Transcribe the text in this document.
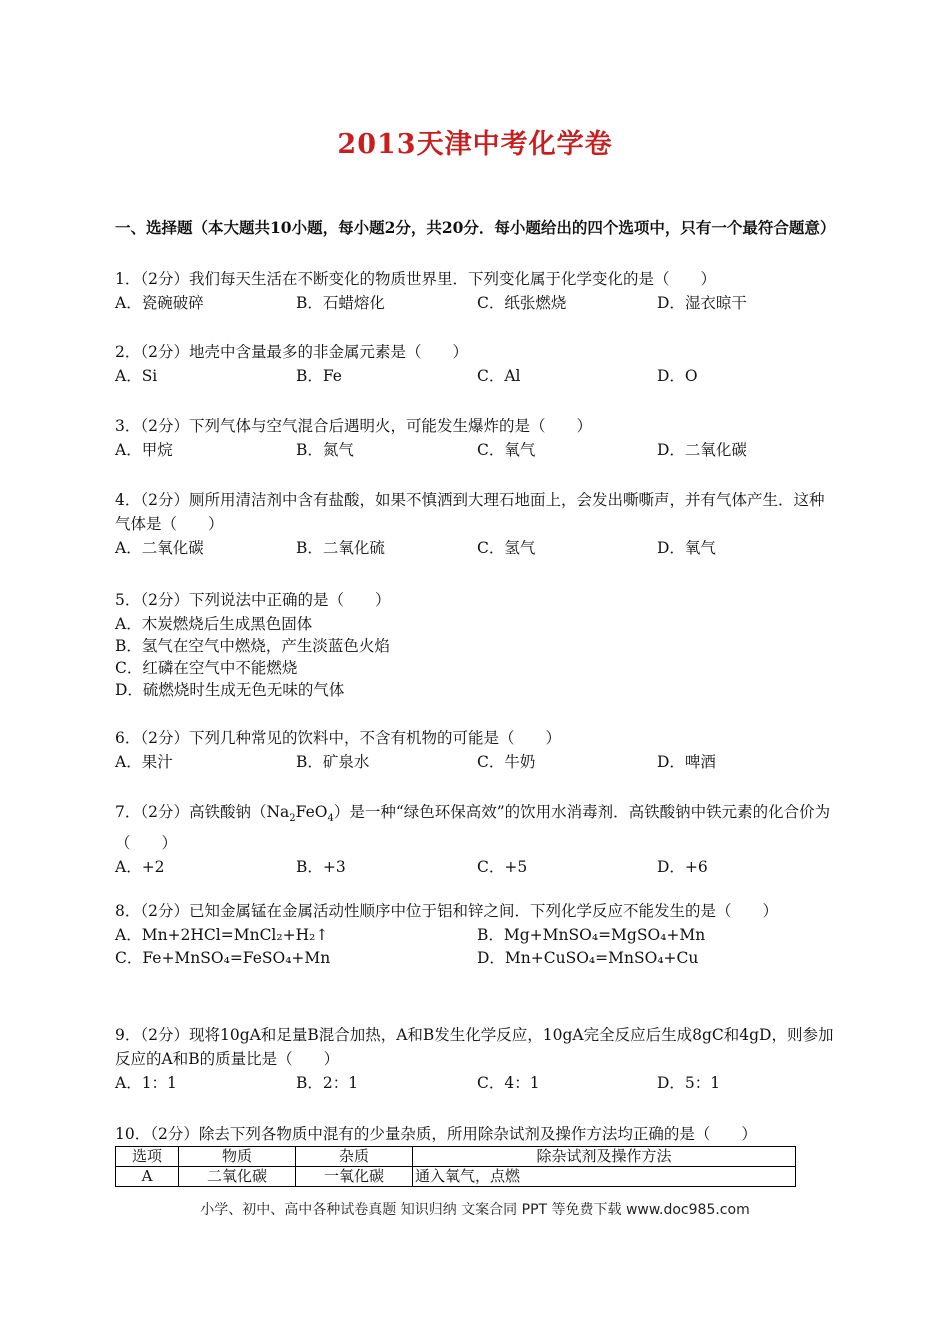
2013天津中考化学卷
一、选择题（本大题共10小题，每小题2分，共20分．每小题给出的四个选项中，只有一个最符合题意）

1．（2分）我们每天生活在不断变化的物质世界里．下列变化属于化学变化的是（　　）

A．瓷碗破碎	B．石蜡熔化	C．纸张燃烧	D．湿衣晾干

2．（2分）地壳中含量最多的非金属元素是（　　）

A．Si	B．Fe	C．Al	D．O

3．（2分）下列气体与空气混合后遇明火，可能发生爆炸的是（　　）

A．甲烷	B．氮气	C．氧气	D．二氧化碳

4．（2分）厕所用清洁剂中含有盐酸，如果不慎洒到大理石地面上，会发出嘶嘶声，并有气体产生．这种气体是（　　）

A．二氧化碳	B．二氧化硫	C．氢气	D．氧气

5．（2分）下列说法中正确的是（　　）

A．木炭燃烧后生成黑色固体
B．氢气在空气中燃烧，产生淡蓝色火焰
C．红磷在空气中不能燃烧
D．硫燃烧时生成无色无味的气体

6．（2分）下列几种常见的饮料中，不含有机物的可能是（　　）

A．果汁	B．矿泉水	C．牛奶	D．啤酒

7．（2分）高铁酸钠$(Na_2FeO_4)$是一种“绿色环保高效”的饮用水消毒剂．高铁酸钠中铁元素的化合价为（　　）

A．+2	B．+3	C．+5	D．+6

8．（2分）已知金属锰在金属活动性顺序中位于铝和锌之间．下列化学反应不能发生的是（　　）

A．Mn+2HCl=MnCl₂+H₂↑	B．Mg+MnSO₄=MgSO₄+Mn
C．Fe+MnSO₄=FeSO₄+Mn	D．Mn+CuSO₄=MnSO₄+Cu

9．（2分）现将10gA和足量B混合加热，A和B发生化学反应，10gA完全反应后生成8gC和4gD，则参加反应的A和B的质量比是（　　）

A．1：1	B．2：1	C．4：1	D．5：1

10．（2分）除去下列各物质中混有的少量杂质，所用除杂试剂及操作方法均正确的是（　　）

选项	物质	杂质	除杂试剂及操作方法
A	二氧化碳	一氧化碳	通入氧气，点燃
小学、初中、高中各种试卷真题 知识归纳 文案合同 PPT 等免费下载 www.doc985.com
